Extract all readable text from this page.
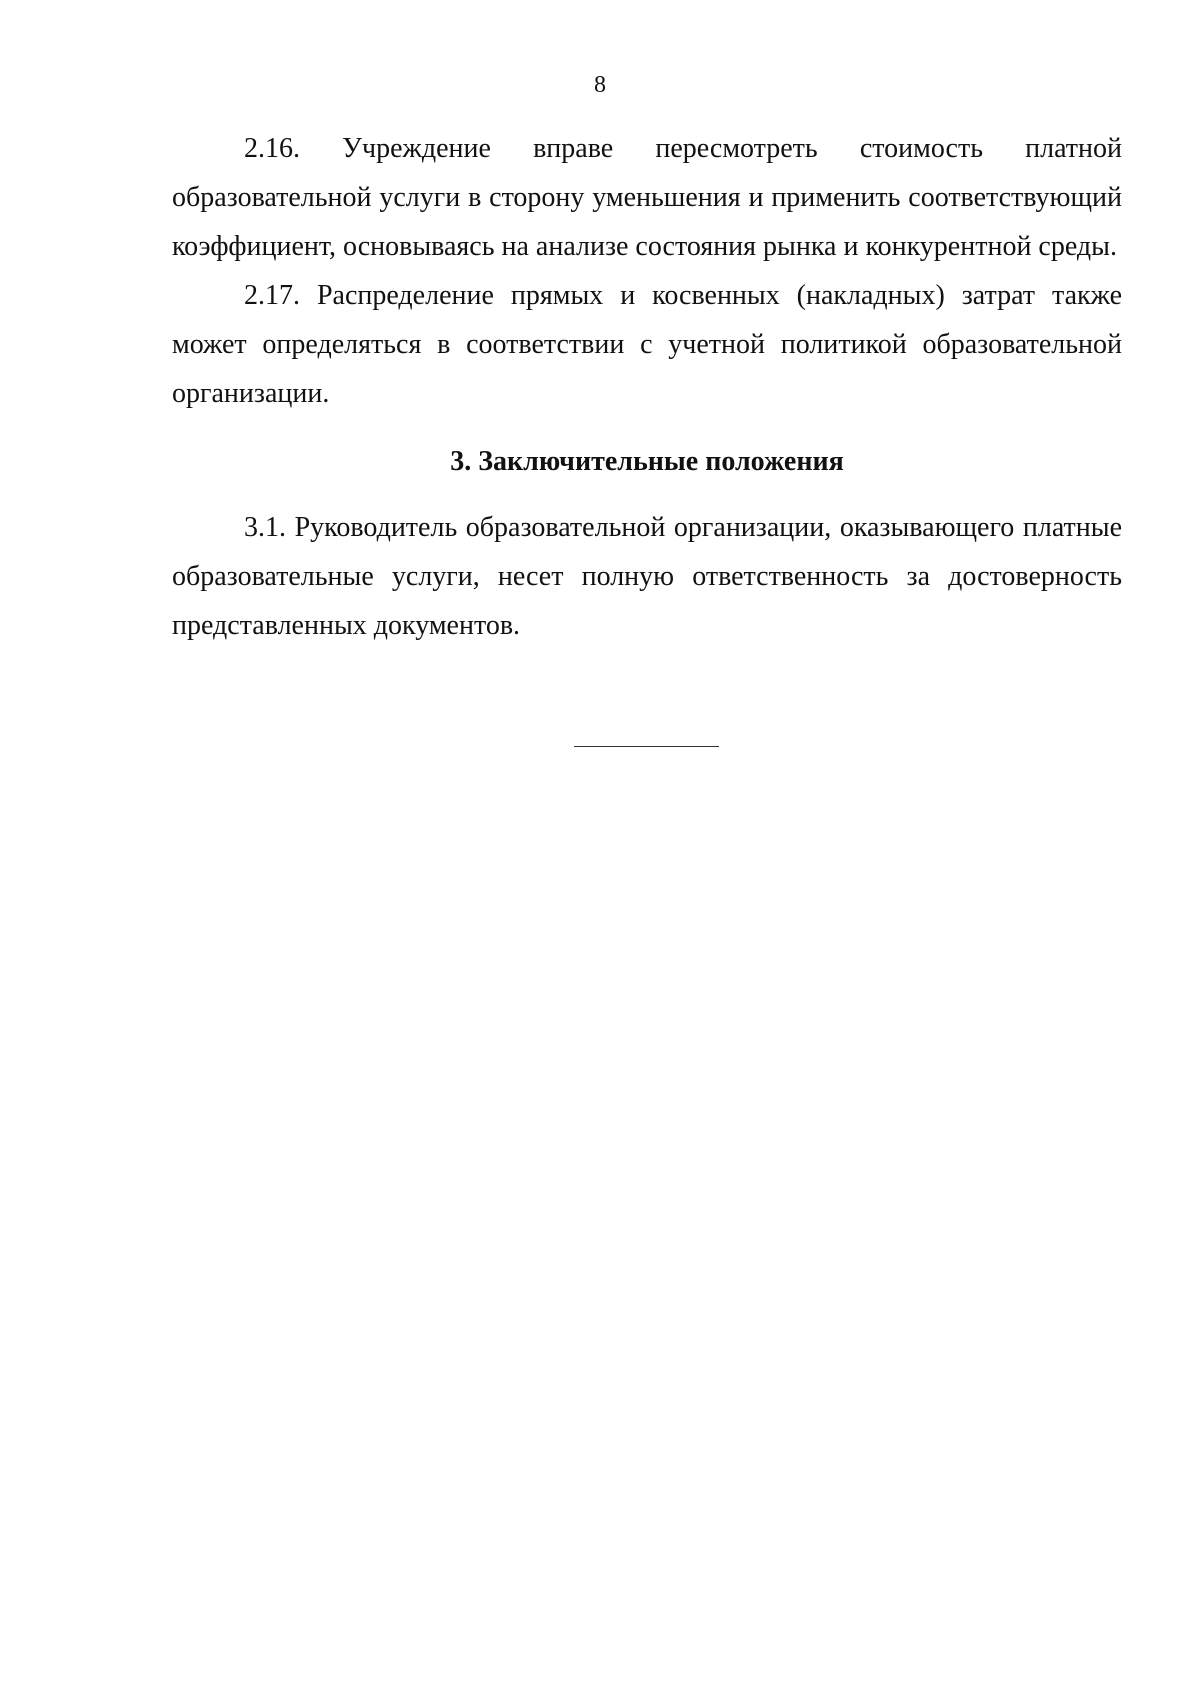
8

2.16. Учреждение вправе пересмотреть стоимость платной образовательной услуги в сторону уменьшения и применить соответствующий коэффициент, основываясь на анализе состояния рынка и конкурентной среды.

2.17. Распределение прямых и косвенных (накладных) затрат также может определяться в соответствии с учетной политикой образовательной организации.

3. Заключительные положения

3.1. Руководитель образовательной организации, оказывающего платные образовательные услуги, несет полную ответственность за достоверность представленных документов.
